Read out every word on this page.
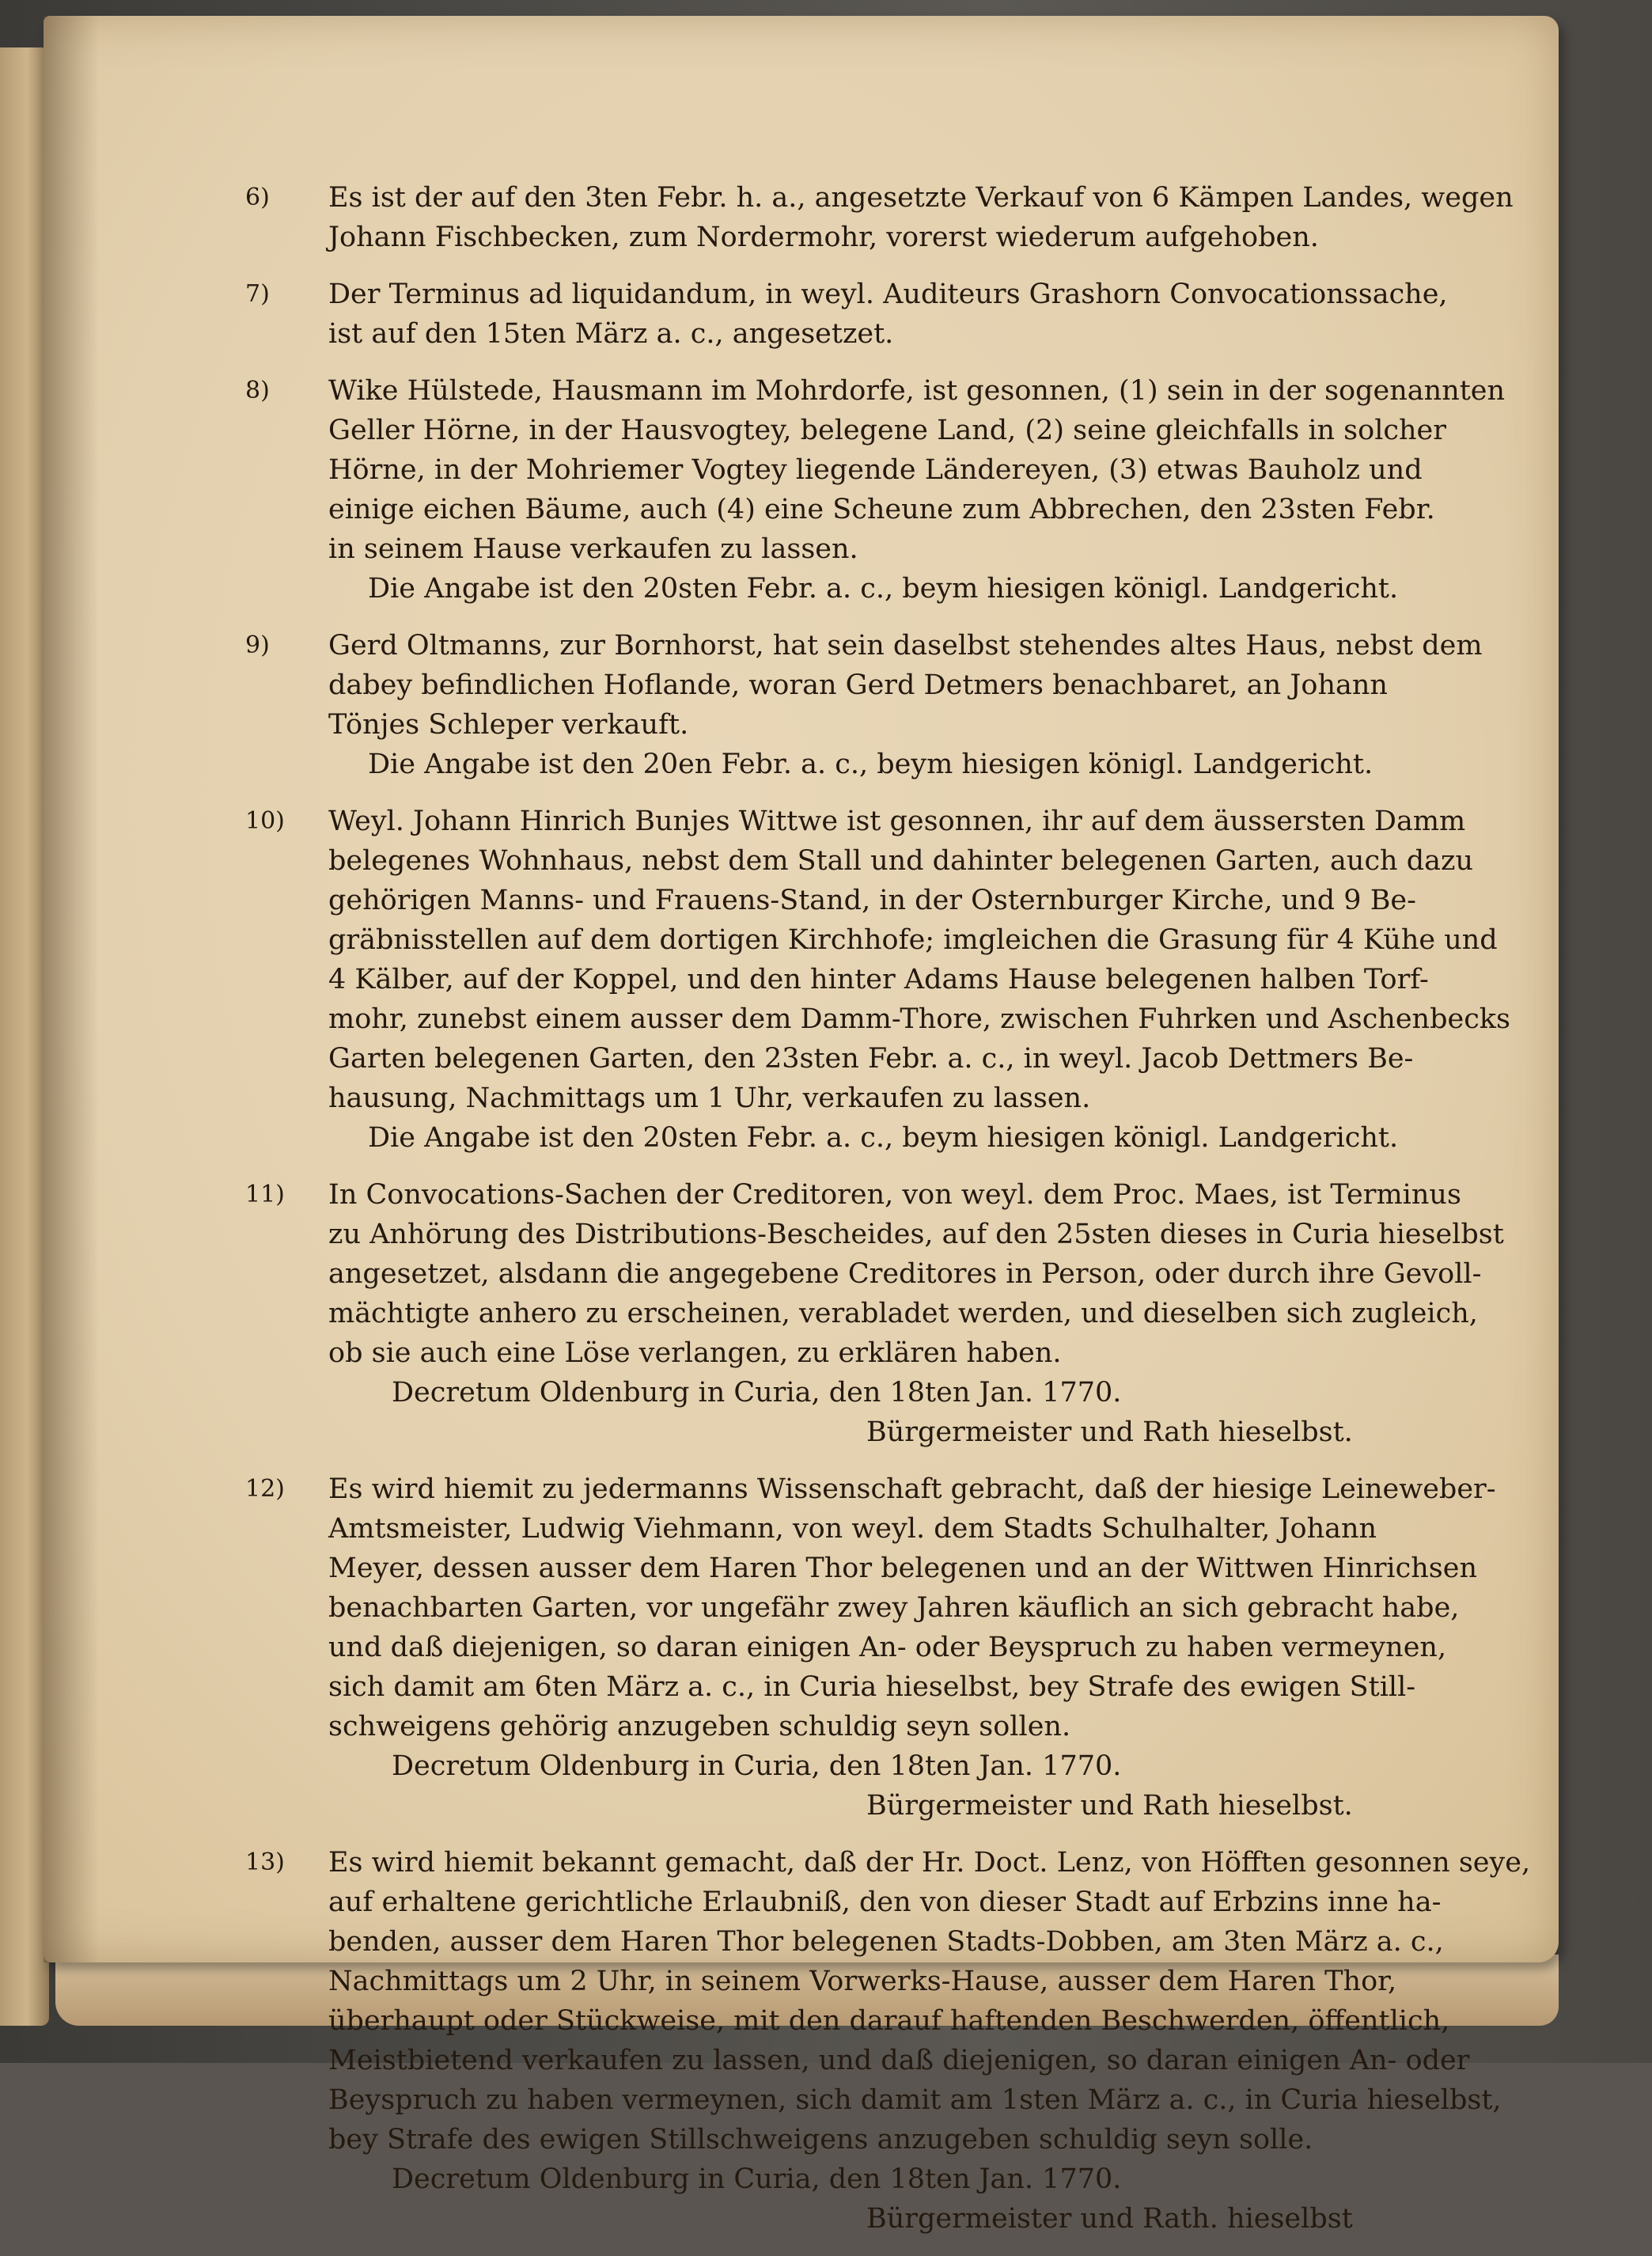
6)	Es ist der auf den 3ten Febr. h. a., angesetzte Verkauf von 6 Kämpen Landes, wegen
Johann Fischbecken, zum Nordermohr, vorerst wiederum aufgehoben.
7)	Der Terminus ad liquidandum, in weyl. Auditeurs Grashorn Convocationssache,
ist auf den 15ten März a. c., angesetzet.
8)	Wike Hülstede, Hausmann im Mohrdorfe, ist gesonnen, (1) sein in der sogenannten
Geller Hörne, in der Hausvogtey, belegene Land, (2) seine gleichfalls in solcher
Hörne, in der Mohriemer Vogtey liegende Ländereyen, (3) etwas Bauholz und
einige eichen Bäume, auch (4) eine Scheune zum Abbrechen, den 23sten Febr.
in seinem Hause verkaufen zu lassen.
Die Angabe ist den 20sten Febr. a. c., beym hiesigen königl. Landgericht.
9)	Gerd Oltmanns, zur Bornhorst, hat sein daselbst stehendes altes Haus, nebst dem
dabey befindlichen Hoflande, woran Gerd Detmers benachbaret, an Johann
Tönjes Schleper verkauft.
Die Angabe ist den 20en Febr. a. c., beym hiesigen königl. Landgericht.
10)	Weyl. Johann Hinrich Bunjes Wittwe ist gesonnen, ihr auf dem äussersten Damm
belegenes Wohnhaus, nebst dem Stall und dahinter belegenen Garten, auch dazu
gehörigen Manns- und Frauens-Stand, in der Osternburger Kirche, und 9 Be-
gräbnisstellen auf dem dortigen Kirchhofe; imgleichen die Grasung für 4 Kühe und
4 Kälber, auf der Koppel, und den hinter Adams Hause belegenen halben Torf-
mohr, zunebst einem ausser dem Damm-Thore, zwischen Fuhrken und Aschenbecks
Garten belegenen Garten, den 23sten Febr. a. c., in weyl. Jacob Dettmers Be-
hausung, Nachmittags um 1 Uhr, verkaufen zu lassen.
Die Angabe ist den 20sten Febr. a. c., beym hiesigen königl. Landgericht.
11)	In Convocations-Sachen der Creditoren, von weyl. dem Proc. Maes, ist Terminus
zu Anhörung des Distributions-Bescheides, auf den 25sten dieses in Curia hieselbst
angesetzet, alsdann die angegebene Creditores in Person, oder durch ihre Gevoll-
mächtigte anhero zu erscheinen, verabladet werden, und dieselben sich zugleich,
ob sie auch eine Löse verlangen, zu erklären haben.
Decretum Oldenburg in Curia, den 18ten Jan. 1770.
Bürgermeister und Rath hieselbst.
12)	Es wird hiemit zu jedermanns Wissenschaft gebracht, daß der hiesige Leineweber-
Amtsmeister, Ludwig Viehmann, von weyl. dem Stadts Schulhalter, Johann
Meyer, dessen ausser dem Haren Thor belegenen und an der Wittwen Hinrichsen
benachbarten Garten, vor ungefähr zwey Jahren käuflich an sich gebracht habe,
und daß diejenigen, so daran einigen An- oder Beyspruch zu haben vermeynen,
sich damit am 6ten März a. c., in Curia hieselbst, bey Strafe des ewigen Still-
schweigens gehörig anzugeben schuldig seyn sollen.
Decretum Oldenburg in Curia, den 18ten Jan. 1770.
Bürgermeister und Rath hieselbst.
13)	Es wird hiemit bekannt gemacht, daß der Hr. Doct. Lenz, von Höfften gesonnen seye,
auf erhaltene gerichtliche Erlaubniß, den von dieser Stadt auf Erbzins inne ha-
benden, ausser dem Haren Thor belegenen Stadts-Dobben, am 3ten März a. c.,
Nachmittags um 2 Uhr, in seinem Vorwerks-Hause, ausser dem Haren Thor,
überhaupt oder Stückweise, mit den darauf haftenden Beschwerden, öffentlich,
Meistbietend verkaufen zu lassen, und daß diejenigen, so daran einigen An- oder
Beyspruch zu haben vermeynen, sich damit am 1sten März a. c., in Curia hieselbst,
bey Strafe des ewigen Stillschweigens anzugeben schuldig seyn solle.
Decretum Oldenburg in Curia, den 18ten Jan. 1770.
Bürgermeister und Rath. hieselbst
